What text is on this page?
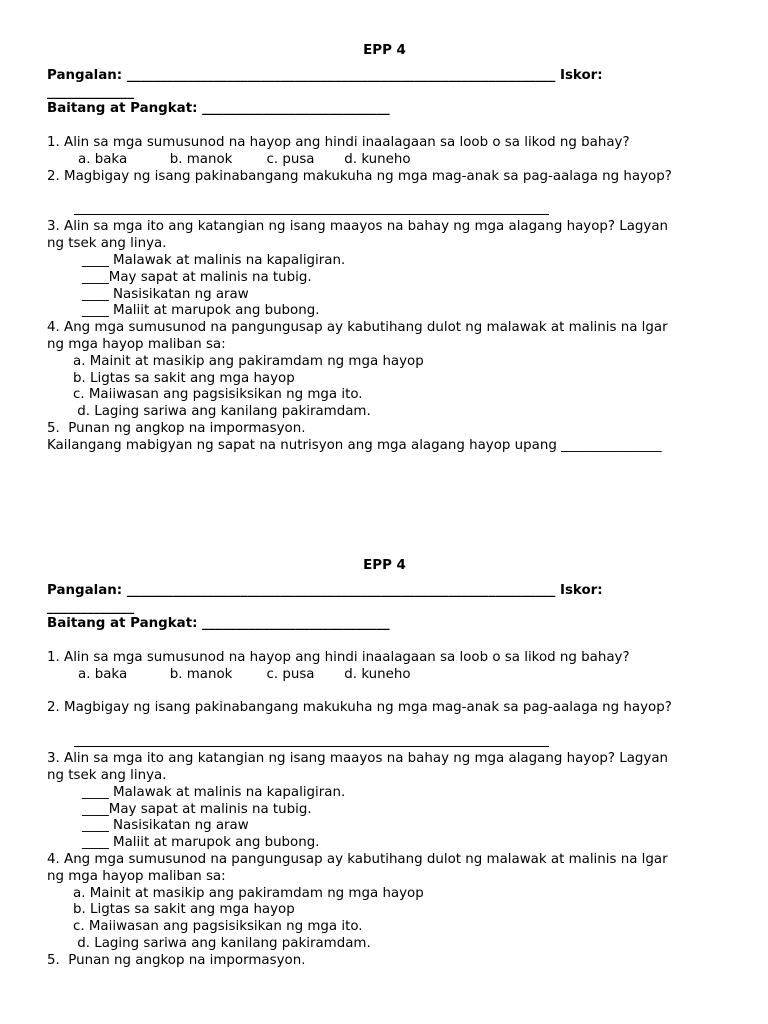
EPP 4
Pangalan: ________________________________________________________________ Iskor:
_____________
Baitang at Pangkat: ____________________________
1. Alin sa mga sumusunod na hayop ang hindi inaalagaan sa loob o sa likod ng bahay?
a. baka          b. manok        c. pusa       d. kuneho
2. Magbigay ng isang pakinabangang makukuha ng mga mag-anak sa pag-aalaga ng hayop?
3. Alin sa mga ito ang katangian ng isang maayos na bahay ng mga alagang hayop? Lagyan
ng tsek ang linya.
____ Malawak at malinis na kapaligiran.
____May sapat at malinis na tubig.
____ Nasisikatan ng araw
____ Maliit at marupok ang bubong.
4. Ang mga sumusunod na pangungusap ay kabutihang dulot ng malawak at malinis na lgar
ng mga hayop maliban sa:
a. Mainit at masikip ang pakiramdam ng mga hayop
b. Ligtas sa sakit ang mga hayop
c. Maiiwasan ang pagsisiksikan ng mga ito.
d. Laging sariwa ang kanilang pakiramdam.
5.  Punan ng angkop na impormasyon.
Kailangang mabigyan ng sapat na nutrisyon ang mga alagang hayop upang _______________
EPP 4
Pangalan: ________________________________________________________________ Iskor:
_____________
Baitang at Pangkat: ____________________________
1. Alin sa mga sumusunod na hayop ang hindi inaalagaan sa loob o sa likod ng bahay?
a. baka          b. manok        c. pusa       d. kuneho
2. Magbigay ng isang pakinabangang makukuha ng mga mag-anak sa pag-aalaga ng hayop?
3. Alin sa mga ito ang katangian ng isang maayos na bahay ng mga alagang hayop? Lagyan
ng tsek ang linya.
____ Malawak at malinis na kapaligiran.
____May sapat at malinis na tubig.
____ Nasisikatan ng araw
____ Maliit at marupok ang bubong.
4. Ang mga sumusunod na pangungusap ay kabutihang dulot ng malawak at malinis na lgar
ng mga hayop maliban sa:
a. Mainit at masikip ang pakiramdam ng mga hayop
b. Ligtas sa sakit ang mga hayop
c. Maiiwasan ang pagsisiksikan ng mga ito.
d. Laging sariwa ang kanilang pakiramdam.
5.  Punan ng angkop na impormasyon.
